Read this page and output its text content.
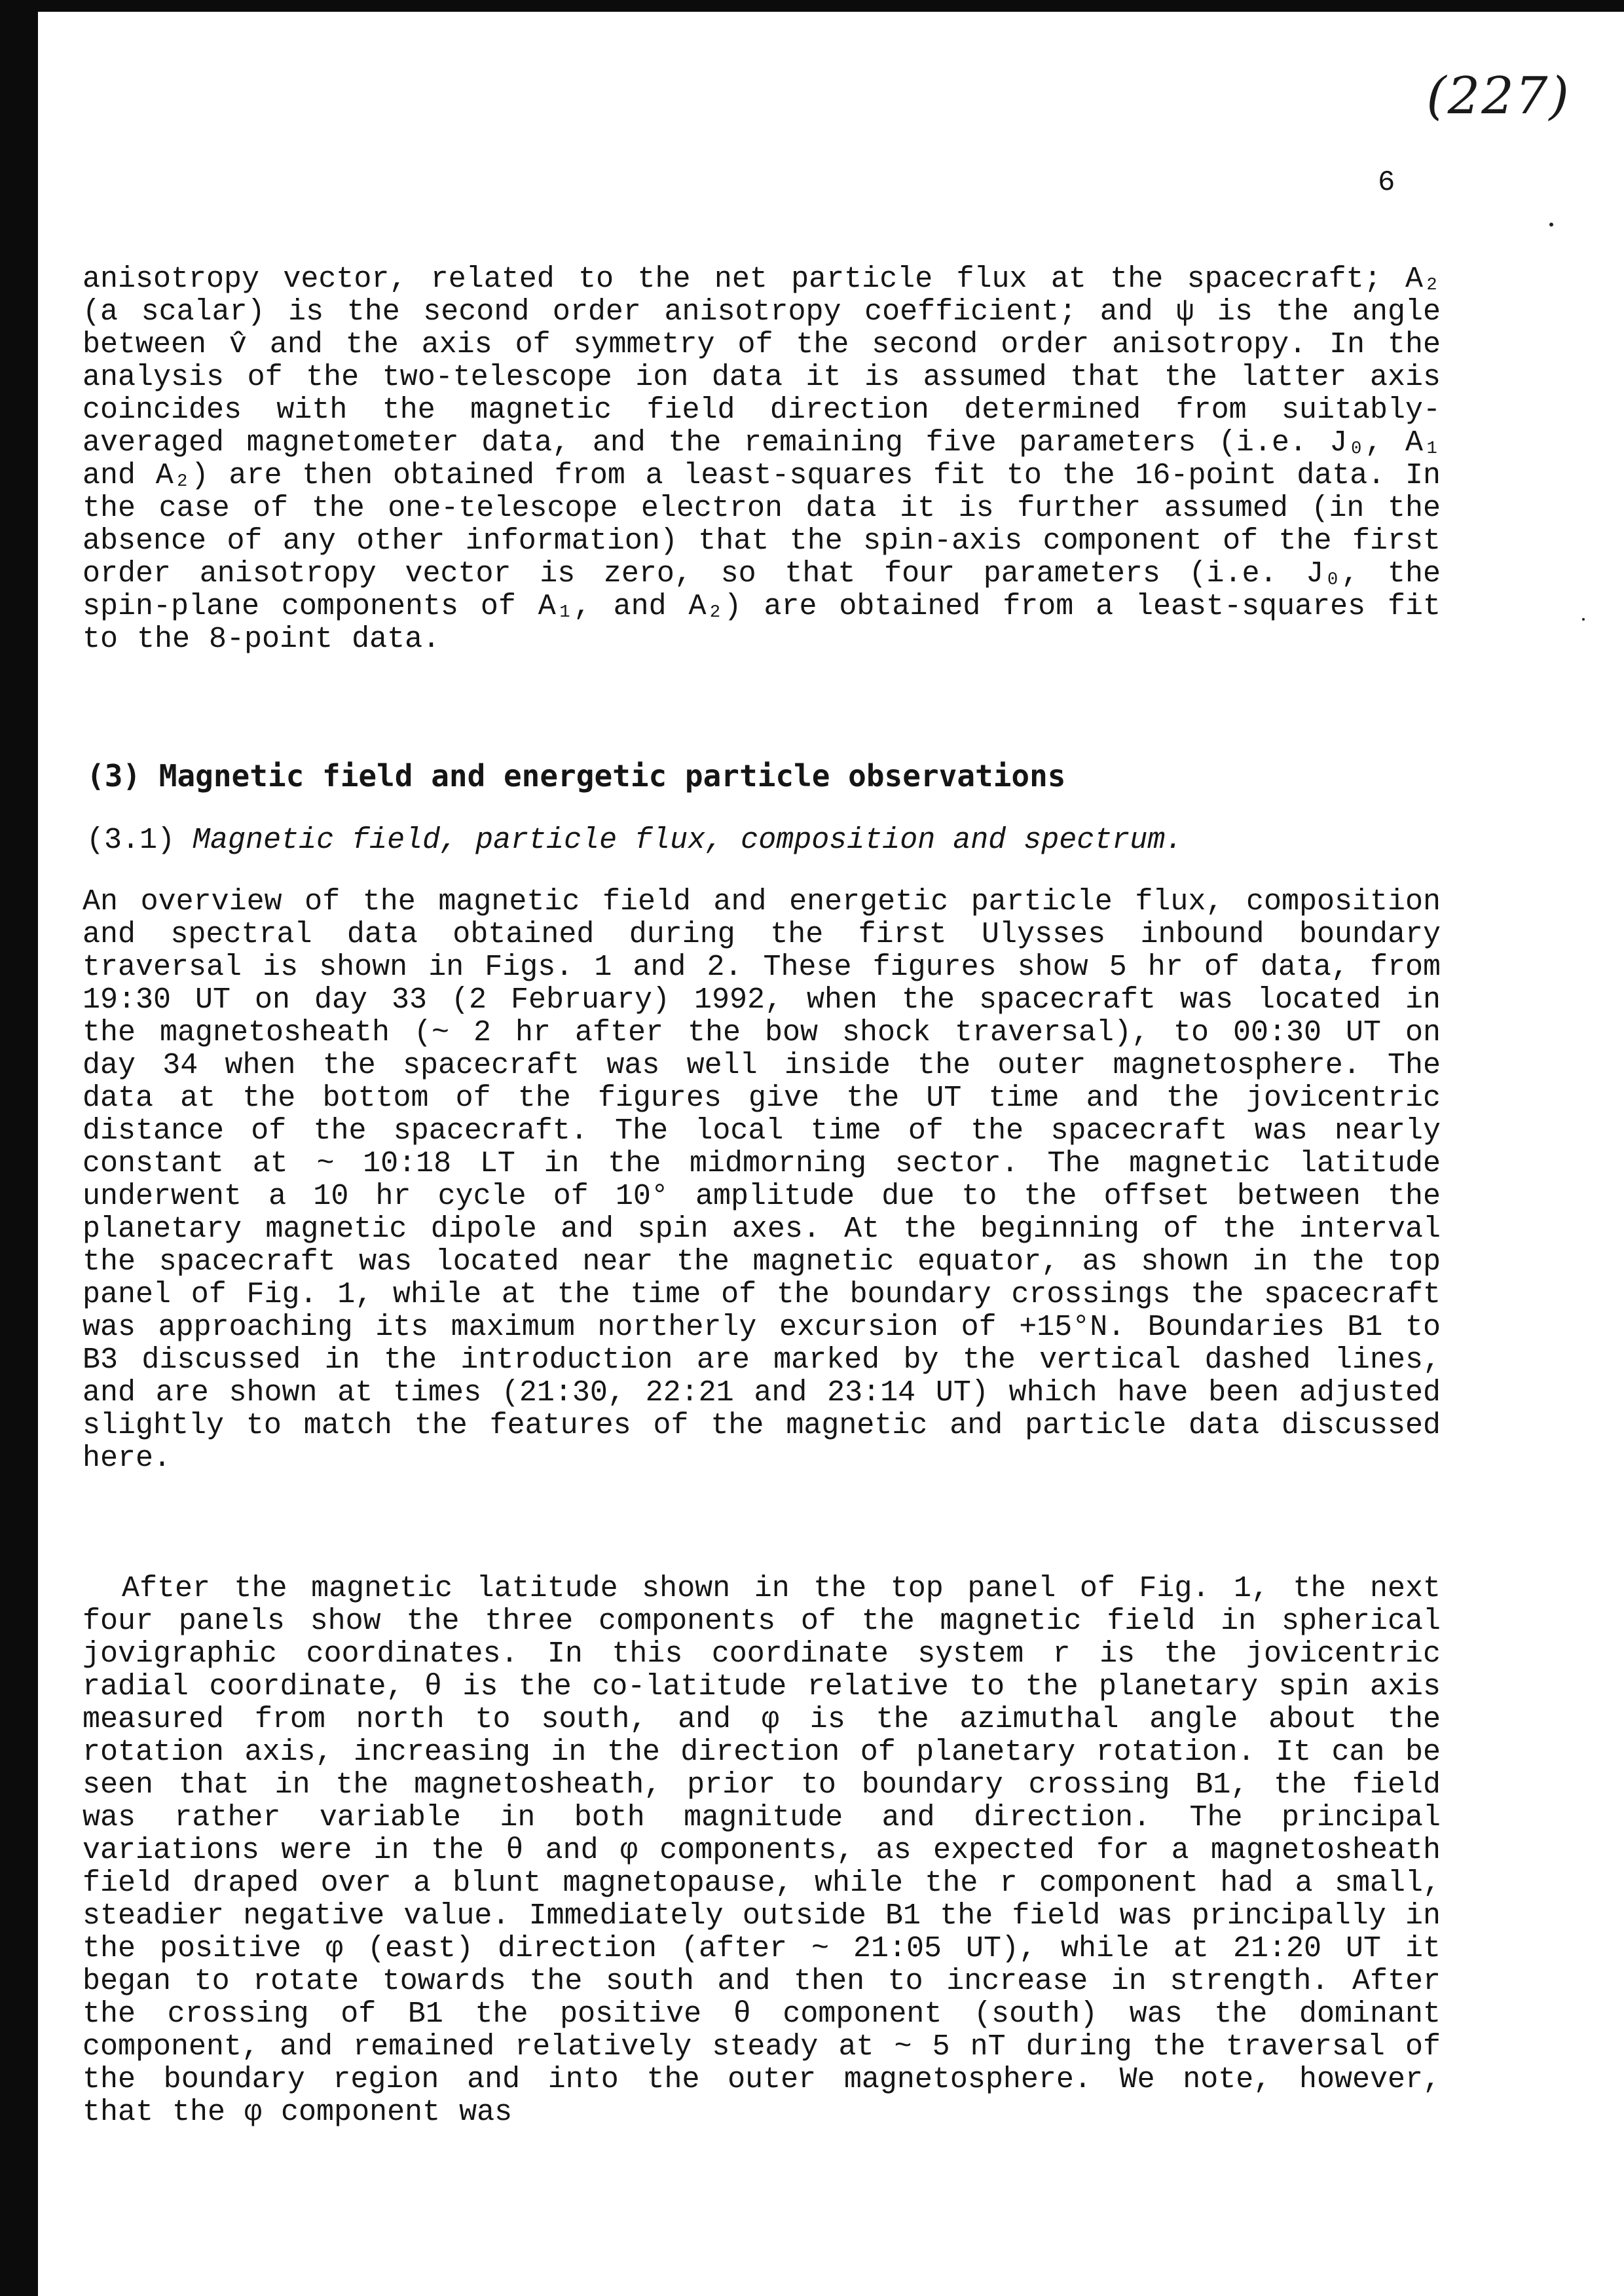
(227)
6
anisotropy vector, related to the net particle flux at the spacecraft; A₂ (a scalar) is the second order anisotropy coefficient; and ψ is the angle between v̂ and the axis of symmetry of the second order anisotropy. In the analysis of the two-telescope ion data it is assumed that the latter axis coincides with the magnetic field direction determined from suitably-averaged magnetometer data, and the remaining five parameters (i.e. J₀, A₁ and A₂) are then obtained from a least-squares fit to the 16-point data. In the case of the one-telescope electron data it is further assumed (in the absence of any other information) that the spin-axis component of the first order anisotropy vector is zero, so that four parameters (i.e. J₀, the spin-plane components of A₁, and A₂) are obtained from a least-squares fit to the 8-point data.
(3) Magnetic field and energetic particle observations
(3.1) Magnetic field, particle flux, composition and spectrum.
An overview of the magnetic field and energetic particle flux, composition and spectral data obtained during the first Ulysses inbound boundary traversal is shown in Figs. 1 and 2. These figures show 5 hr of data, from 19:30 UT on day 33 (2 February) 1992, when the spacecraft was located in the magnetosheath (~ 2 hr after the bow shock traversal), to 00:30 UT on day 34 when the spacecraft was well inside the outer magnetosphere. The data at the bottom of the figures give the UT time and the jovicentric distance of the spacecraft. The local time of the spacecraft was nearly constant at ~ 10:18 LT in the midmorning sector. The magnetic latitude underwent a 10 hr cycle of 10° amplitude due to the offset between the planetary magnetic dipole and spin axes. At the beginning of the interval the spacecraft was located near the magnetic equator, as shown in the top panel of Fig. 1, while at the time of the boundary crossings the spacecraft was approaching its maximum northerly excursion of +15°N. Boundaries B1 to B3 discussed in the introduction are marked by the vertical dashed lines, and are shown at times (21:30, 22:21 and 23:14 UT) which have been adjusted slightly to match the features of the magnetic and particle data discussed here.
After the magnetic latitude shown in the top panel of Fig. 1, the next four panels show the three components of the magnetic field in spherical jovigraphic coordinates. In this coordinate system r is the jovicentric radial coordinate, θ is the co-latitude relative to the planetary spin axis measured from north to south, and φ is the azimuthal angle about the rotation axis, increasing in the direction of planetary rotation. It can be seen that in the magnetosheath, prior to boundary crossing B1, the field was rather variable in both magnitude and direction. The principal variations were in the θ and φ components, as expected for a magnetosheath field draped over a blunt magnetopause, while the r component had a small, steadier negative value. Immediately outside B1 the field was principally in the positive φ (east) direction (after ~ 21:05 UT), while at 21:20 UT it began to rotate towards the south and then to increase in strength. After the crossing of B1 the positive θ component (south) was the dominant component, and remained relatively steady at ~ 5 nT during the traversal of the boundary region and into the outer magnetosphere. We note, however, that the φ component was
